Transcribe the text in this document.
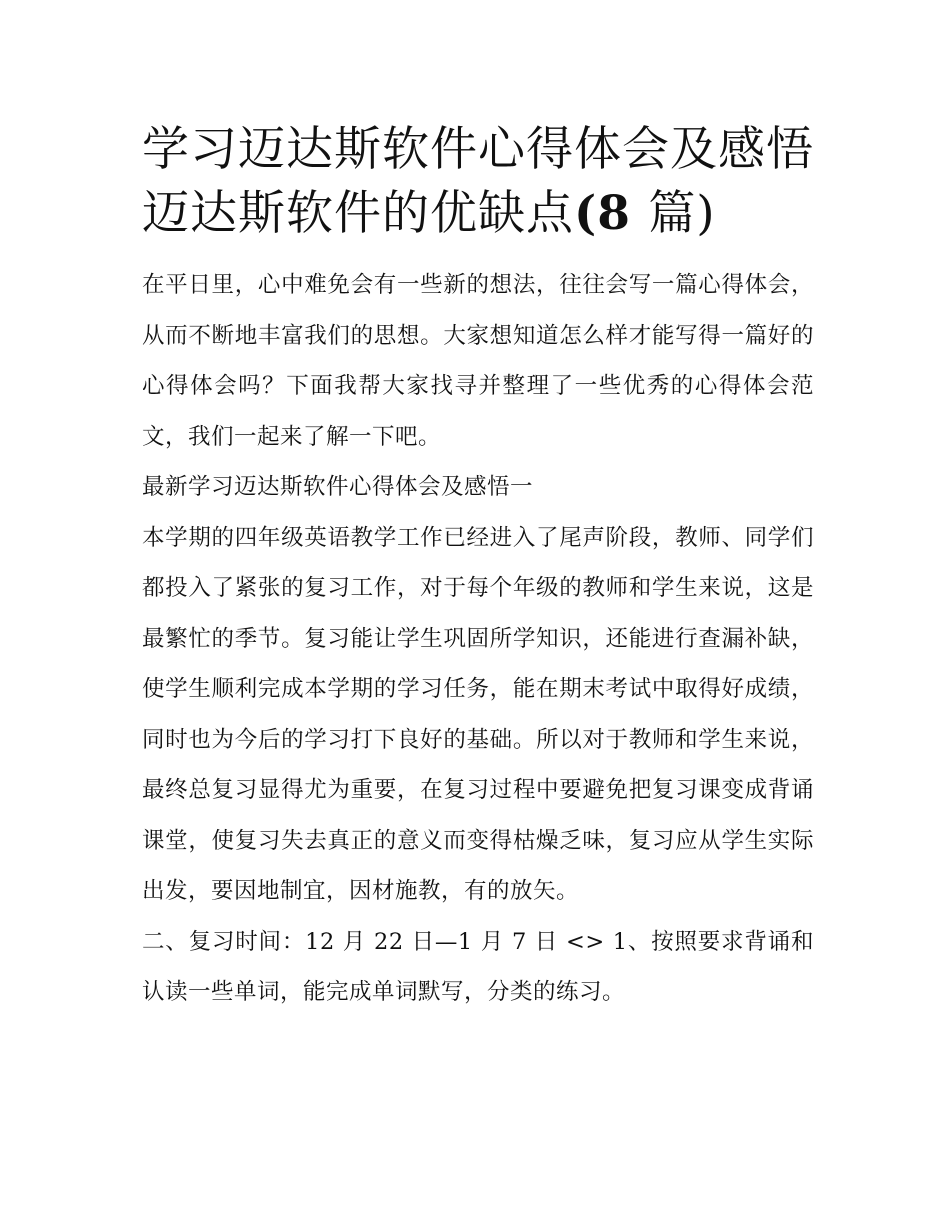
学习迈达斯软件心得体会及感悟 迈达斯软件的优缺点(8 篇)

在平日里，心中难免会有一些新的想法，往往会写一篇心得体会，从而不断地丰富我们的思想。大家想知道怎么样才能写得一篇好的心得体会吗？下面我帮大家找寻并整理了一些优秀的心得体会范文，我们一起来了解一下吧。

最新学习迈达斯软件心得体会及感悟一

本学期的四年级英语教学工作已经进入了尾声阶段，教师、同学们都投入了紧张的复习工作，对于每个年级的教师和学生来说，这是最繁忙的季节。复习能让学生巩固所学知识，还能进行查漏补缺，使学生顺利完成本学期的学习任务，能在期末考试中取得好成绩，同时也为今后的学习打下良好的基础。所以对于教师和学生来说，最终总复习显得尤为重要，在复习过程中要避免把复习课变成背诵课堂，使复习失去真正的意义而变得枯燥乏味，复习应从学生实际出发，要因地制宜，因材施教，有的放矢。

二、复习时间：12 月 22 日—1 月 7 日 <> 1、按照要求背诵和认读一些单词，能完成单词默写，分类的练习。
